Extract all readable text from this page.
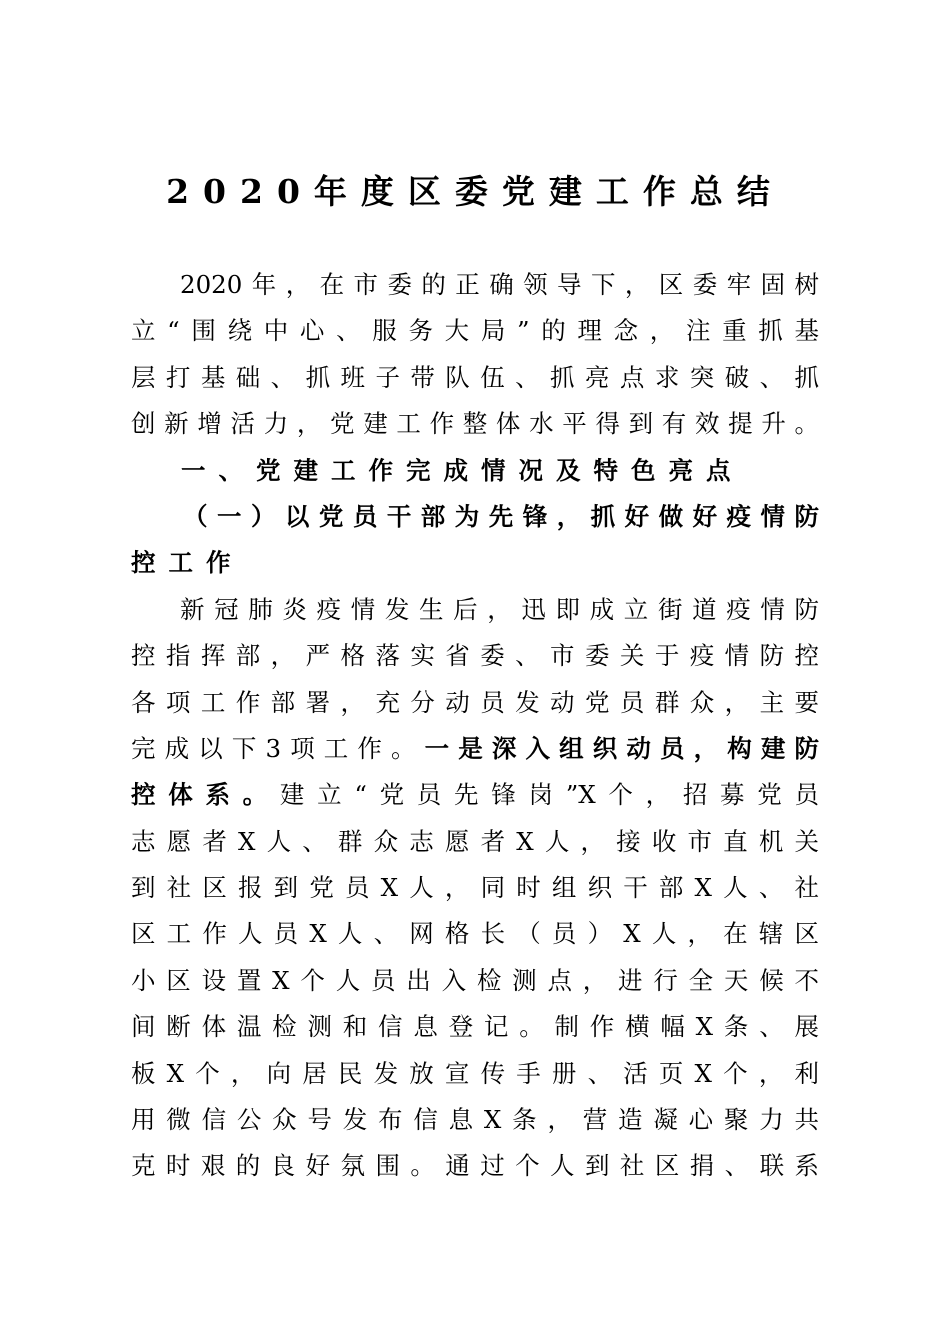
2020年度区委党建工作总结
2020年，在市委的正确领导下，区委牢固树
立“围绕中心、服务大局”的理念，注重抓基
层打基础、抓班子带队伍、抓亮点求突破、抓
创新增活力，党建工作整体水平得到有效提升。
一、党建工作完成情况及特色亮点
（一）以党员干部为先锋，抓好做好疫情防
控工作
新冠肺炎疫情发生后，迅即成立街道疫情防
控指挥部，严格落实省委、市委关于疫情防控
各项工作部署，充分动员发动党员群众，主要
完成以下3项工作。一是深入组织动员，构建防
控体系。建立“党员先锋岗”X个，招募党员
志愿者X人、群众志愿者X人，接收市直机关
到社区报到党员X人，同时组织干部X人、社
区工作人员X人、网格长（员）X人，在辖区
小区设置X个人员出入检测点，进行全天候不
间断体温检测和信息登记。制作横幅X条、展
板X个，向居民发放宣传手册、活页X个，利
用微信公众号发布信息X条，营造凝心聚力共
克时艰的良好氛围。通过个人到社区捐、联系
